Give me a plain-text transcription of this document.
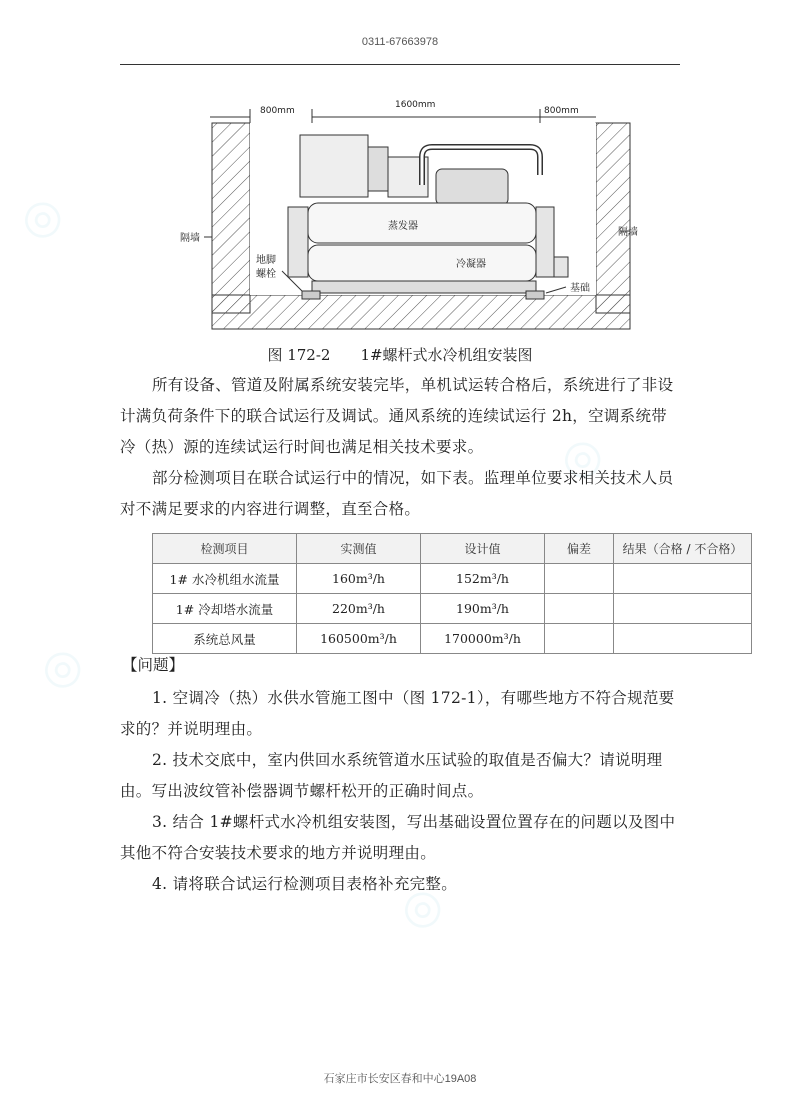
◎
◎
◎
◎
0311-67663978
800mm
1600mm
800mm
隔墙
隔墙
蒸发器
冷凝器
地脚
螺栓
基础
图 172-2　　1#螺杆式水冷机组安装图

所有设备、管道及附属系统安装完毕，单机试运转合格后，系统进行了非设计满负荷条件下的联合试运行及调试。通风系统的连续试运行 2h，空调系统带冷（热）源的连续试运行时间也满足相关技术要求。

部分检测项目在联合试运行中的情况，如下表。监理单位要求相关技术人员对不满足要求的内容进行调整，直至合格。

检测项目	实测值	设计值	偏差	结果（合格 / 不合格）
1# 水冷机组水流量	160m³/h	152m³/h		
1# 冷却塔水流量	220m³/h	190m³/h		
系统总风量	160500m³/h	170000m³/h		
【问题】

1. 空调冷（热）水供水管施工图中（图 172-1），有哪些地方不符合规范要求的？并说明理由。

2. 技术交底中，室内供回水系统管道水压试验的取值是否偏大？请说明理由。写出波纹管补偿器调节螺杆松开的正确时间点。

3. 结合 1#螺杆式水冷机组安装图，写出基础设置位置存在的问题以及图中其他不符合安装技术要求的地方并说明理由。

4. 请将联合试运行检测项目表格补充完整。

石家庄市长安区春和中心19A08
